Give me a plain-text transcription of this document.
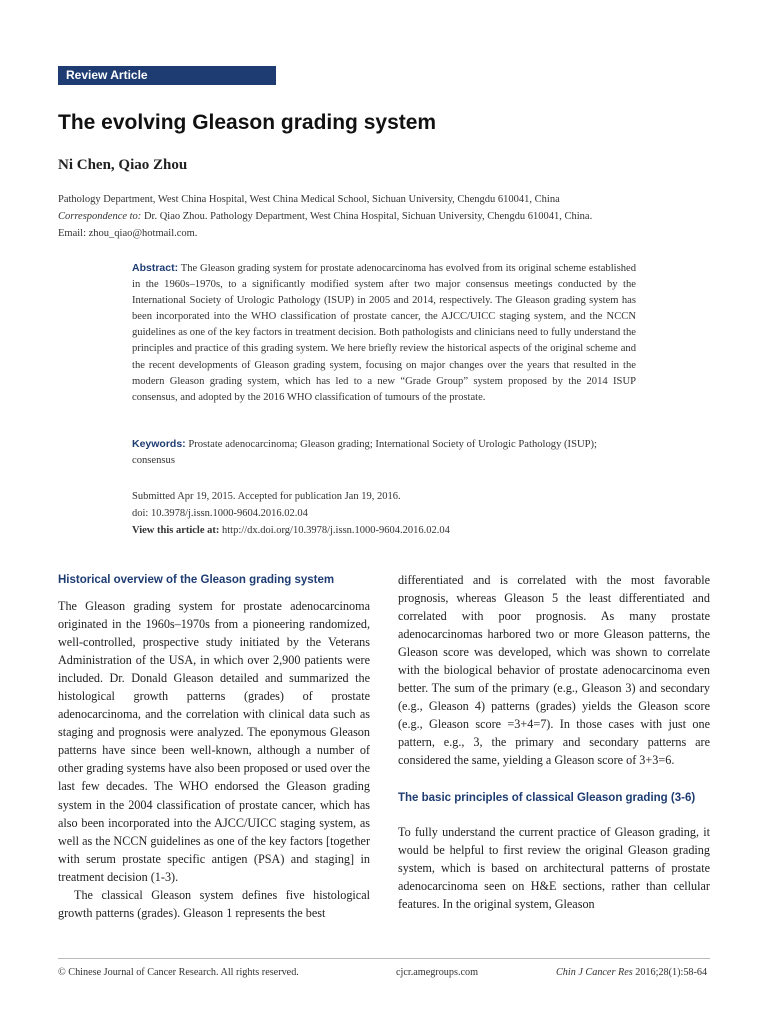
Review Article
The evolving Gleason grading system
Ni Chen, Qiao Zhou
Pathology Department, West China Hospital, West China Medical School, Sichuan University, Chengdu 610041, China
Correspondence to: Dr. Qiao Zhou. Pathology Department, West China Hospital, Sichuan University, Chengdu 610041, China.
Email: zhou_qiao@hotmail.com.
Abstract: The Gleason grading system for prostate adenocarcinoma has evolved from its original scheme established in the 1960s–1970s, to a significantly modified system after two major consensus meetings conducted by the International Society of Urologic Pathology (ISUP) in 2005 and 2014, respectively. The Gleason grading system has been incorporated into the WHO classification of prostate cancer, the AJCC/UICC staging system, and the NCCN guidelines as one of the key factors in treatment decision. Both pathologists and clinicians need to fully understand the principles and practice of this grading system. We here briefly review the historical aspects of the original scheme and the recent developments of Gleason grading system, focusing on major changes over the years that resulted in the modern Gleason grading system, which has led to a new “Grade Group” system proposed by the 2014 ISUP consensus, and adopted by the 2016 WHO classification of tumours of the prostate.
Keywords: Prostate adenocarcinoma; Gleason grading; International Society of Urologic Pathology (ISUP); consensus
Submitted Apr 19, 2015. Accepted for publication Jan 19, 2016.
doi: 10.3978/j.issn.1000-9604.2016.02.04
View this article at: http://dx.doi.org/10.3978/j.issn.1000-9604.2016.02.04
Historical overview of the Gleason grading system

The Gleason grading system for prostate adenocarcinoma originated in the 1960s–1970s from a pioneering randomized, well-controlled, prospective study initiated by the Veterans Administration of the USA, in which over 2,900 patients were included. Dr. Donald Gleason detailed and summarized the histological growth patterns (grades) of prostate adenocarcinoma, and the correlation with clinical data such as staging and prognosis were analyzed. The eponymous Gleason patterns have since been well-known, although a number of other grading systems have also been proposed or used over the last few decades. The WHO endorsed the Gleason grading system in the 2004 classification of prostate cancer, which has also been incorporated into the AJCC/UICC staging system, as well as the NCCN guidelines as one of the key factors [together with serum prostate specific antigen (PSA) and staging] in treatment decision (1-3).

The classical Gleason system defines five histological growth patterns (grades). Gleason 1 represents the best

differentiated and is correlated with the most favorable prognosis, whereas Gleason 5 the least differentiated and correlated with poor prognosis. As many prostate adenocarcinomas harbored two or more Gleason patterns, the Gleason score was developed, which was shown to correlate with the biological behavior of prostate adenocarcinoma even better. The sum of the primary (e.g., Gleason 3) and secondary (e.g., Gleason 4) patterns (grades) yields the Gleason score (e.g., Gleason score =3+4=7). In those cases with just one pattern, e.g., 3, the primary and secondary patterns are considered the same, yielding a Gleason score of 3+3=6.

The basic principles of classical Gleason grading (3-6)

To fully understand the current practice of Gleason grading, it would be helpful to first review the original Gleason grading system, which is based on architectural patterns of prostate adenocarcinoma seen on H&E sections, rather than cellular features. In the original system, Gleason

© Chinese Journal of Cancer Research. All rights reserved.	cjcr.amegroups.com	Chin J Cancer Res 2016;28(1):58-64
